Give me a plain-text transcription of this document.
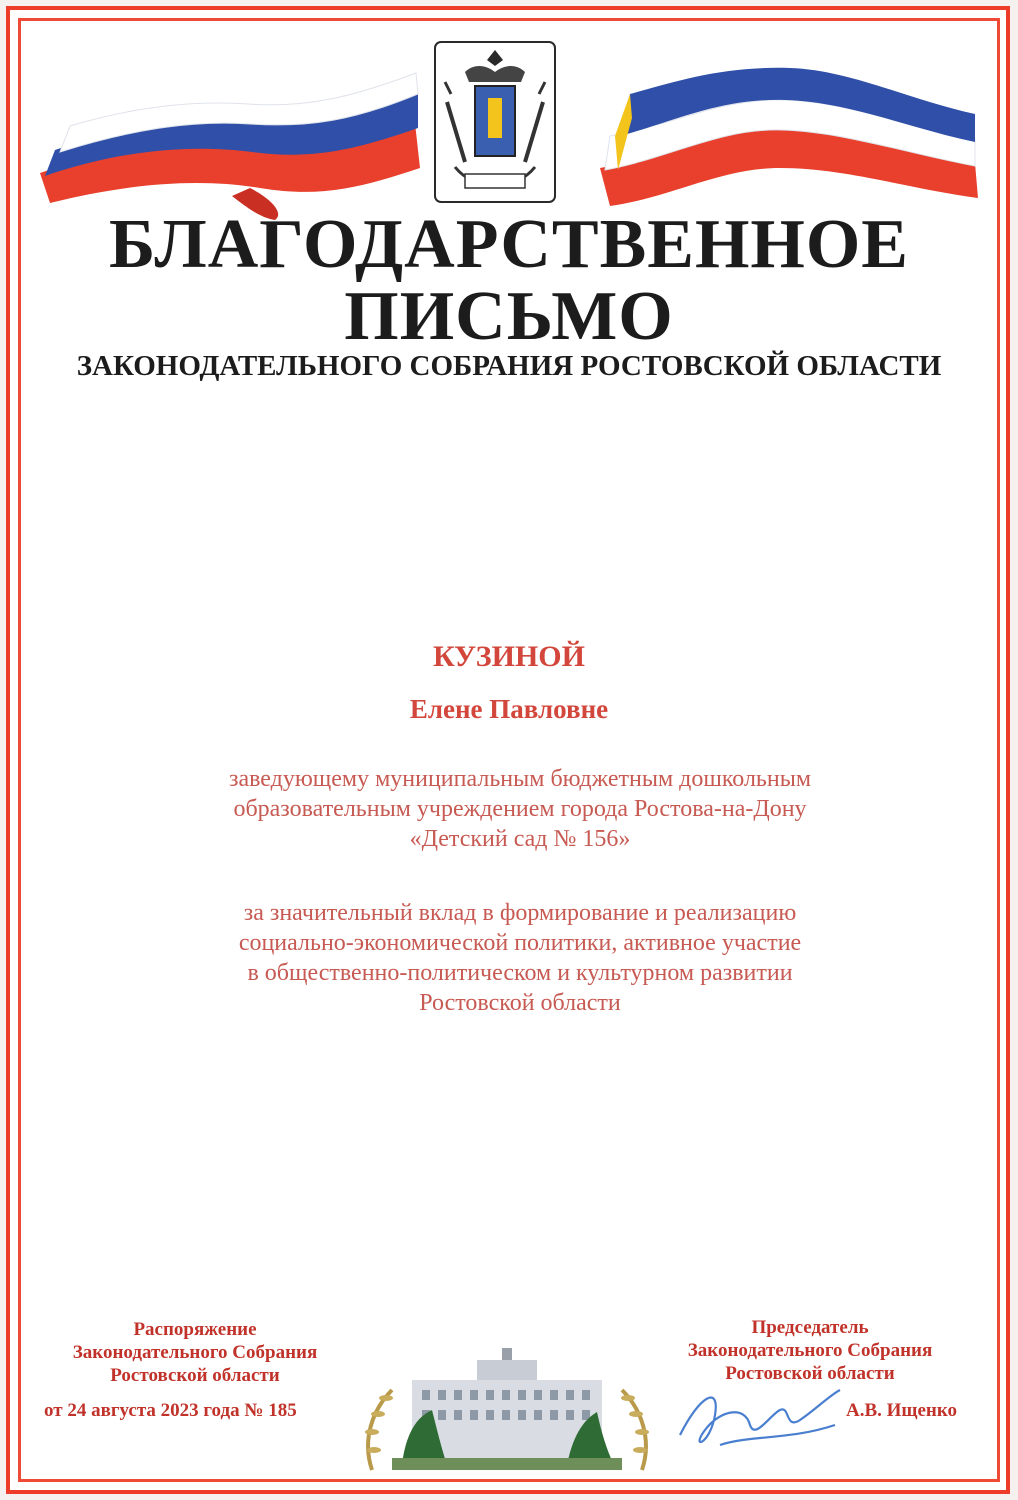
БЛАГОДАРСТВЕННОЕ
ПИСЬМО
ЗАКОНОДАТЕЛЬНОГО СОБРАНИЯ РОСТОВСКОЙ ОБЛАСТИ
КУЗИНОЙ
Елене Павловне
заведующему муниципальным бюджетным дошкольным
образовательным учреждением города Ростова-на-Дону
«Детский сад № 156»
за значительный вклад в формирование и реализацию
социально-экономической политики, активное участие
в общественно-политическом и культурном развитии
Ростовской области
Распоряжение
Законодательного Собрания
Ростовской области
от 24 августа 2023 года № 185
Председатель
Законодательного Собрания
Ростовской области
А.В. Ищенко
